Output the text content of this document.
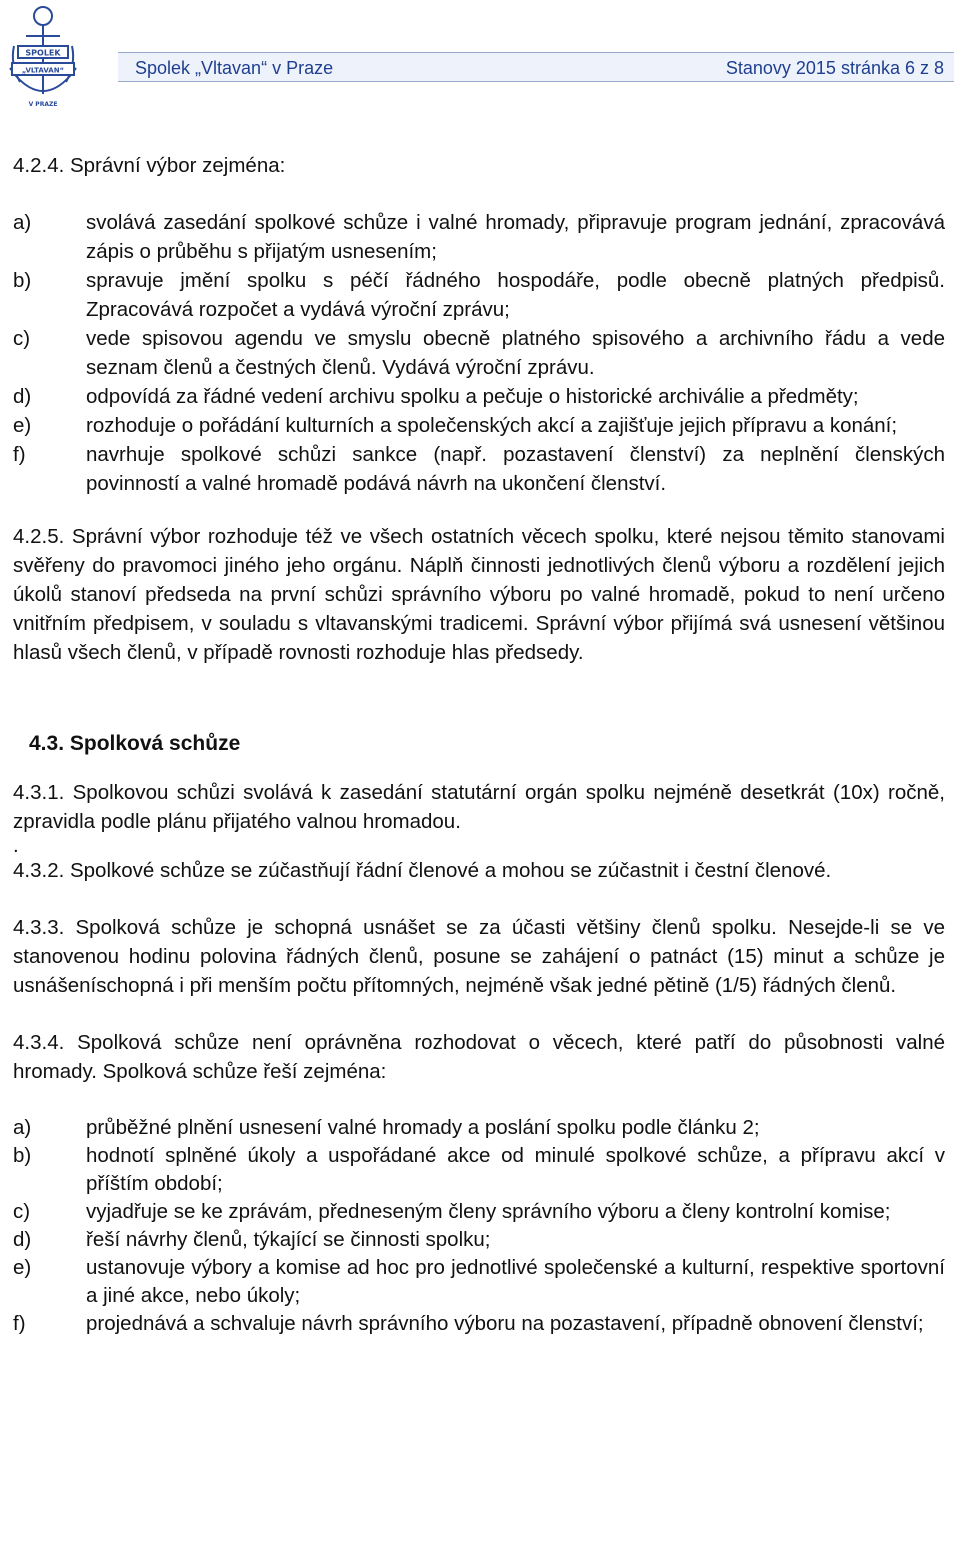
SPOLEK
„VLTAVAN“
V PRAZE
Spolek „Vltavan“ v Praze	Stanovy 2015 stránka 6 z 8

4.2.4. Správní výbor zejména:

a)	svolává zasedání spolkové schůze i valné hromady, připravuje program jednání, zpracovává zápis o průběhu s přijatým usnesením;
b)	spravuje jmění spolku s péčí řádného hospodáře, podle obecně platných předpisů. Zpracovává rozpočet a vydává výroční zprávu;
c)	vede spisovou agendu ve smyslu obecně platného spisového a archivního řádu a vede seznam členů a čestných členů. Vydává výroční zprávu.
d)	odpovídá za řádné vedení archivu spolku a pečuje o historické archiválie a předměty;
e)	rozhoduje o pořádání kulturních a společenských akcí a zajišťuje jejich přípravu a konání;
f)	navrhuje spolkové schůzi sankce (např. pozastavení členství) za neplnění členských povinností a valné hromadě podává návrh na ukončení členství.

4.2.5. Správní výbor rozhoduje též ve všech ostatních věcech spolku, které nejsou těmito stanovami svěřeny do pravomoci jiného jeho orgánu. Náplň činnosti jednotlivých členů výboru a rozdělení jejich úkolů stanoví předseda na první schůzi správního výboru po valné hromadě, pokud to není určeno vnitřním předpisem, v souladu s vltavanskými tradicemi. Správní výbor přijímá svá usnesení většinou hlasů všech členů, v případě rovnosti rozhoduje hlas předsedy.

4.3. Spolková schůze

4.3.1. Spolkovou schůzi svolává k zasedání statutární orgán spolku nejméně desetkrát (10x) ročně, zpravidla podle plánu přijatého valnou hromadou.

.

4.3.2. Spolkové schůze se zúčastňují řádní členové a mohou se zúčastnit i čestní členové.

4.3.3. Spolková schůze je schopná usnášet se za účasti většiny členů spolku. Nesejde-li se ve stanovenou hodinu polovina řádných členů, posune se zahájení o patnáct (15) minut a schůze je usnášeníschopná i při menším počtu přítomných, nejméně však jedné pětině (1/5) řádných členů.

4.3.4. Spolková schůze není oprávněna rozhodovat o věcech, které patří do působnosti valné hromady. Spolková schůze řeší zejména:

a)	průběžné plnění usnesení valné hromady a poslání spolku podle článku 2;
b)	hodnotí splněné úkoly a uspořádané akce od minulé spolkové schůze, a přípravu akcí v příštím období;
c)	vyjadřuje se ke zprávám, předneseným členy správního výboru a členy kontrolní komise;
d)	řeší návrhy členů, týkající se činnosti spolku;
e)	ustanovuje výbory a komise ad hoc pro jednotlivé společenské a kulturní, respektive sportovní a jiné akce, nebo úkoly;
f)	projednává a schvaluje návrh správního výboru na pozastavení, případně obnovení členství;
